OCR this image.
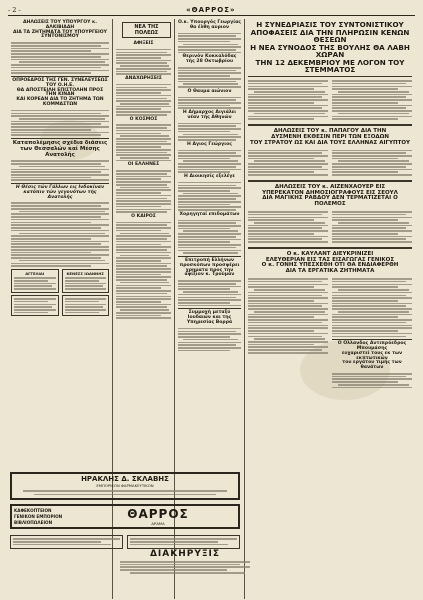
- 2 -	«ΘΑΡΡΟΣ»
ΔΗΛΩΣΕΙΣ ΤΟΥ ΥΠΟΥΡΓΟΥ κ. ΑΛΚΙΒΙΑΔΗ
ΔΙΑ ΤΑ ΖΗΤΗΜΑΤΑ ΤΟΥ ΥΠΟΥΡΓΕΙΟΥ ΣΥΝΤΟΝΙΣΜΟΥ
ΟΠΡΟΕΔΡΟΣ ΤΗΣ ΓΕΝ. ΣΥΝΕΛΕΥΣΕΩΣ ΤΟΥ Ο.Η.Ε.
ΘΑ ΑΠΟΣΤΕΙΛΗ ΕΠΙΣΤΟΛΗΝ ΠΡΟΣ ΤΗΝ ΚΙΝΑΝ
ΚΑΙ ΚΟΡΕΑΝ ΔΙΑ ΤΟ ΖΗΤΗΜΑ ΤΩΝ ΚΟΜΜΑΣΤΩΝ
Καταπολέμησις σχέδια διάσεις
των Θεσσαλών καί Μέσης Ανατολής
Η Θέσις τών Γάλλων εις Ινδοκίναν
κατόπιν τών γεγονότων τής Ανατολής
ΑΓΓΕΛΙΑΙ	ΚΕΝΕΣΣ ΙΩΑΝΝΗΣ
ΝΕΑ ΤΗΣ ΠΟΛΕΩΣ
ΑΦΙΞΕΙΣ
ΑΝΑΧΩΡΗΣΕΙΣ
Ο ΚΟΣΜΟΣ
ΟΙ ΕΛΛΗΝΕΣ
Ο ΚΑΙΡΟΣ
Ο.κ. Υπουργός Γεωργίας
θα έλθη αυριον
Θερινόν Κοκκαλόδας τής 28 Οκτωβρίου
Ο Θαυμα αιώνιον
Η Δήμαρχος Αιγιάλει νέαν τής Αθηνών
Η Αγιος Γεώργιος
Η Διοικησίς εξελέγε
Χορηγηταί επιδομάτων
Επιτροπή Ελλήνων προσκόπων προσφέρει χρηματα προς την αφίξιον κ. Τρούμαν
Συμμοχή μεταξύ Ιουδαιών και της Υπηρεσίας Βορρά
Η ΣΥΝΕΔΡΙΑΣΙΣ ΤΟΥ ΣΥΝΤΟΝΙΣΤΙΚΟΥ
ΑΠΟΦΑΣΕΙΣ ΔΙΑ ΤΗΝ ΠΛΗΡΩΣΙΝ ΚΕΝΩΝ ΘΕΣΕΩΝ
Η ΝΕΑ ΣΥΝΟΔΟΣ ΤΗΣ ΒΟΥΛΗΣ ΘΑ ΛΑΒΗ ΧΩΡΑΝ
ΤΗΝ 12 ΔΕΚΕΜΒΡΙΟΥ ΜΕ ΛΟΓΟΝ ΤΟΥ ΣΤΕΜΜΑΤΟΣ
ΔΗΛΩΣΕΙΣ ΤΟΥ κ. ΠΑΠΑΓΟΥ ΔΙΑ ΤΗΝ
ΔΥΣΜΕΝΗ ΕΚΘΕΣΙΝ ΠΕΡΙ ΤΩΝ ΕΞΟΔΩΝ
ΤΟΥ ΣΤΡΑΤΟΥ ΩΣ ΚΑΙ ΔΙΑ ΤΟΥΣ ΕΛΛΗΝΑΣ ΑΙΓΥΠΤΟΥ
ΔΗΛΩΣΕΙΣ ΤΟΥ κ. ΑΙΖΕΝΧΑΟΥΕΡ ΕΙΣ
ΥΠΕΡΕΚΑΤΟΝ ΔΗΜΟΣΙΟΓΡΑΦΟΥΣ ΕΙΣ ΣΕΟΥΛ
ΔΙΑ ΜΑΓΙΚΗΣ ΡΑΒΔΟΥ ΔΕΝ ΤΕΡΜΑΤΙΖΕΤΑΙ Ο ΠΟΛΕΜΟΣ
Ο κ. ΚΑΥΛΑΝΤ ΔΙΕΥΚΡΙΝΙΖΕΙ
ΕΛΕΥΘΕΡΙΑΝ ΕΙΣ ΤΑΣ ΕΙΣΑΓΩΓΑΣ ΓΕΝΙΚΟΣ
Ο κ. ΓΟΝΗΣ ΥΠΕΣΧΕΘΗ ΟΤΙ ΘΑ ΕΝΔΙΑΦΕΡΘΗ
ΔΙΑ ΤΑ ΕΡΓΑΤΙΚΑ ΖΗΤΗΜΑΤΑ
Ο Ολλανδος Αντιπρόεδρος Μπουμάσης
ευχαριστεί τους εκ των εκπτωτικών
του εργάτου τιμής των θανάτων
ΗΡΑΚΛΗΣ Δ. ΣΚΛΑΒΗΣ
ΕΜΠΟΡΙΚΟΝ ΦΑΡΜΑΚΕΥΤΙΚΟΝ
ΚΑΦΕΚΟΠΤΕΙΟΝ
ΓΕΝΙΚΟΝ ΕΜΠΟΡΙΟΝ
ΒΙΒΛΙΟΠΩΛΕΙΟΝ
ΘΑΡΡΟΣ
ΔΡΑΜΑ
ΔΙΑΚΗΡΥΞΙΣ
